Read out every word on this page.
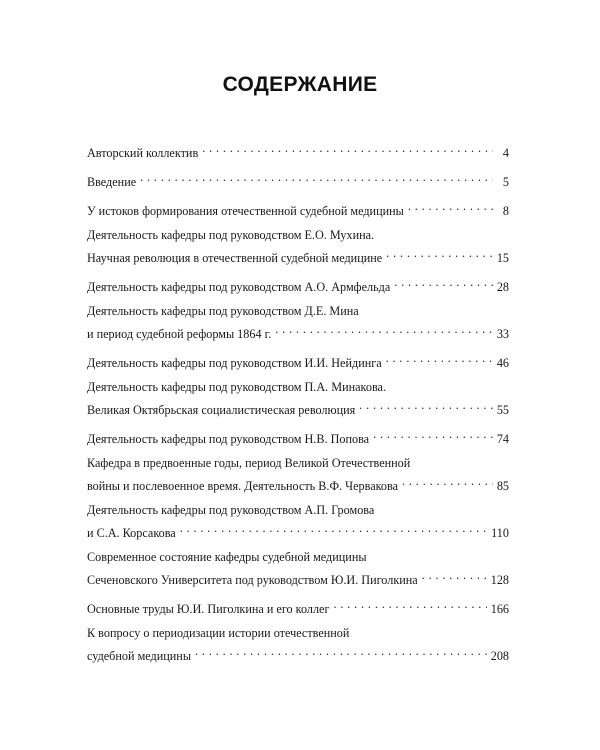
СОДЕРЖАНИЕ
Авторский коллектив . . .	4
Введение . . .	5
У истоков формирования отечественной судебной медицины . . .	8
Деятельность кафедры под руководством Е.О. Мухина.
Научная революция в отечественной судебной медицине . . .	15
Деятельность кафедры под руководством А.О. Армфельда . . .	28
Деятельность кафедры под руководством Д.Е. Мина
и период судебной реформы 1864 г. . . .	33
Деятельность кафедры под руководством И.И. Нейдинга . . .	46
Деятельность кафедры под руководством П.А. Минакова.
Великая Октябрьская социалистическая революция . . .	55
Деятельность кафедры под руководством Н.В. Попова . . .	74
Кафедра в предвоенные годы, период Великой Отечественной
войны и послевоенное время. Деятельность В.Ф. Червакова . . .	85
Деятельность кафедры под руководством А.П. Громова
и С.А. Корсакова . . .	110
Современное состояние кафедры судебной медицины
Сеченовского Университета под руководством Ю.И. Пиголкина . . .	128
Основные труды Ю.И. Пиголкина и его коллег . . .	166
К вопросу о периодизации истории отечественной
судебной медицины . . .	208
